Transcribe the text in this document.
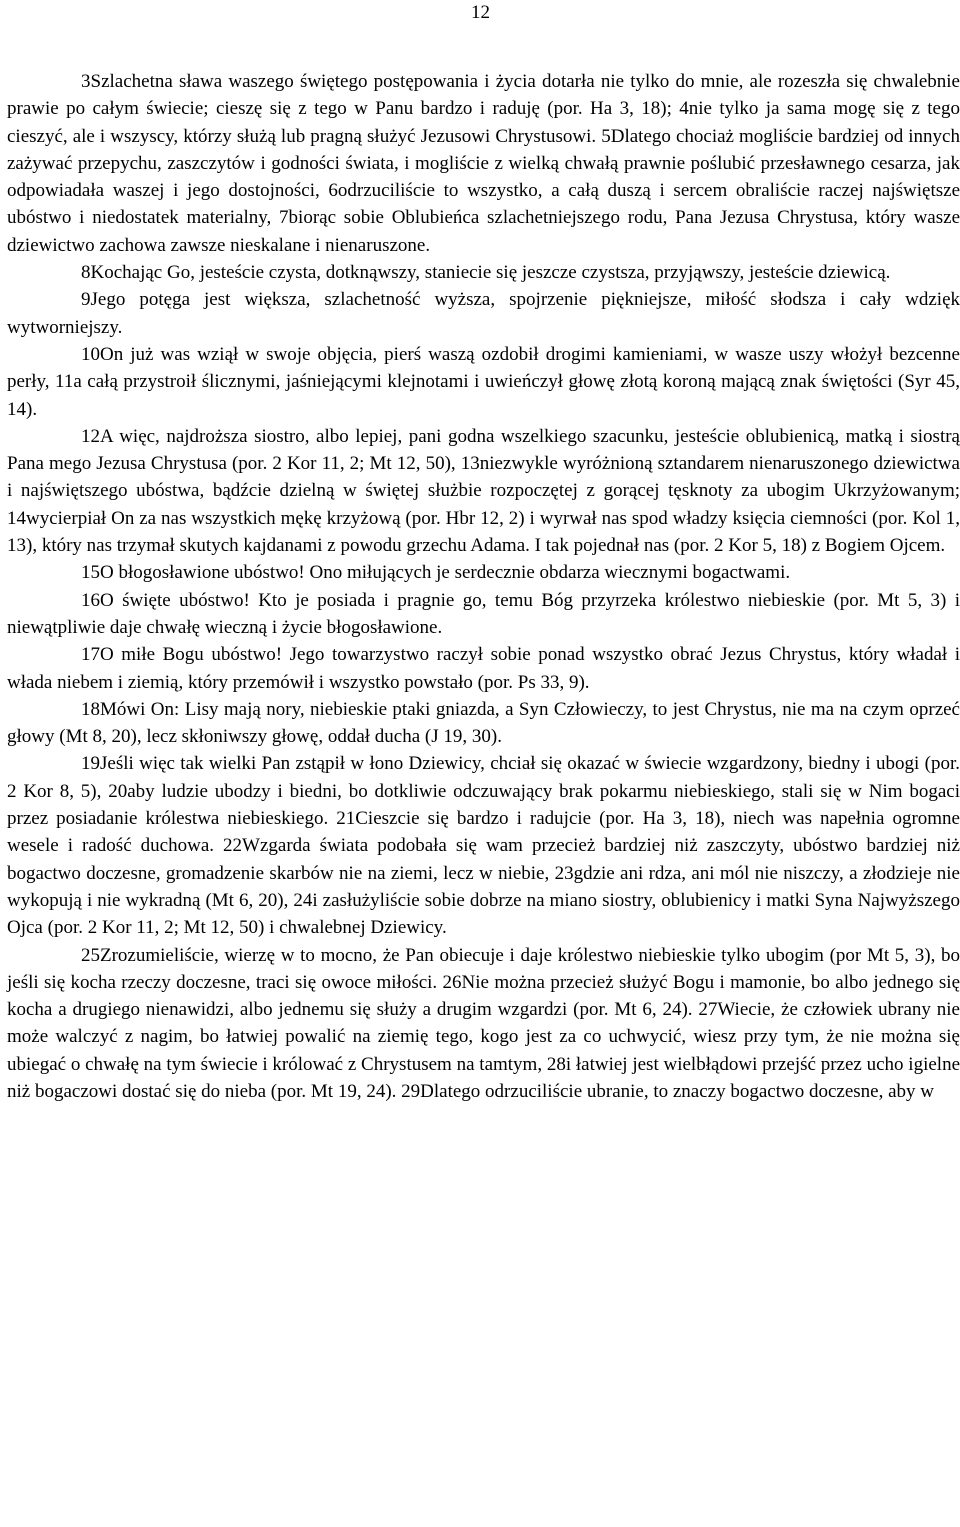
12

3Szlachetna sława waszego świętego postępowania i życia dotarła nie tylko do mnie, ale rozeszła się chwalebnie prawie po całym świecie; cieszę się z tego w Panu bardzo i raduję (por. Ha 3, 18); 4nie tylko ja sama mogę się z tego cieszyć, ale i wszyscy, którzy służą lub pragną służyć Jezusowi Chrystusowi. 5Dlatego chociaż mogliście bardziej od innych zażywać przepychu, zaszczytów i godności świata, i mogliście z wielką chwałą prawnie poślubić przesławnego cesarza, jak odpowiadała waszej i jego dostojności, 6odrzuciliście to wszystko, a całą duszą i sercem obraliście raczej najświętsze ubóstwo i niedostatek materialny, 7biorąc sobie Oblubieńca szlachetniejszego rodu, Pana Jezusa Chrystusa, który wasze dziewictwo zachowa zawsze nieskalane i nienaruszone.

8Kochając Go, jesteście czysta, dotknąwszy, staniecie się jeszcze czystsza, przyjąwszy, jesteście dziewicą.

9Jego potęga jest większa, szlachetność wyższa, spojrzenie piękniejsze, miłość słodsza i cały wdzięk wytworniejszy.

10On już was wziął w swoje objęcia, pierś waszą ozdobił drogimi kamieniami, w wasze uszy włożył bezcenne perły, 11a całą przystroił ślicznymi, jaśniejącymi klejnotami i uwieńczył głowę złotą koroną mającą znak świętości (Syr 45, 14).

12A więc, najdroższa siostro, albo lepiej, pani godna wszelkiego szacunku, jesteście oblubienicą, matką i siostrą Pana mego Jezusa Chrystusa (por. 2 Kor 11, 2; Mt 12, 50), 13niezwykle wyróżnioną sztandarem nienaruszonego dziewictwa i najświętszego ubóstwa, bądźcie dzielną w świętej służbie rozpoczętej z gorącej tęsknoty za ubogim Ukrzyżowanym; 14wycierpiał On za nas wszystkich mękę krzyżową (por. Hbr 12, 2) i wyrwał nas spod władzy księcia ciemności (por. Kol 1, 13), który nas trzymał skutych kajdanami z powodu grzechu Adama. I tak pojednał nas (por. 2 Kor 5, 18) z Bogiem Ojcem.

15O błogosławione ubóstwo! Ono miłujących je serdecznie obdarza wiecznymi bogactwami.

16O święte ubóstwo! Kto je posiada i pragnie go, temu Bóg przyrzeka królestwo niebieskie (por. Mt 5, 3) i niewątpliwie daje chwałę wieczną i życie błogosławione.

17O miłe Bogu ubóstwo! Jego towarzystwo raczył sobie ponad wszystko obrać Jezus Chrystus, który władał i włada niebem i ziemią, który przemówił i wszystko powstało (por. Ps 33, 9).

18Mówi On: Lisy mają nory, niebieskie ptaki gniazda, a Syn Człowieczy, to jest Chrystus, nie ma na czym oprzeć głowy (Mt 8, 20), lecz skłoniwszy głowę, oddał ducha (J 19, 30).

19Jeśli więc tak wielki Pan zstąpił w łono Dziewicy, chciał się okazać w świecie wzgardzony, biedny i ubogi (por. 2 Kor 8, 5), 20aby ludzie ubodzy i biedni, bo dotkliwie odczuwający brak pokarmu niebieskiego, stali się w Nim bogaci przez posiadanie królestwa niebieskiego. 21Cieszcie się bardzo i radujcie (por. Ha 3, 18), niech was napełnia ogromne wesele i radość duchowa. 22Wzgarda świata podobała się wam przecież bardziej niż zaszczyty, ubóstwo bardziej niż bogactwo doczesne, gromadzenie skarbów nie na ziemi, lecz w niebie, 23gdzie ani rdza, ani mól nie niszczy, a złodzieje nie wykopują i nie wykradną (Mt 6, 20), 24i zasłużyliście sobie dobrze na miano siostry, oblubienicy i matki Syna Najwyższego Ojca (por. 2 Kor 11, 2; Mt 12, 50) i chwalebnej Dziewicy.

25Zrozumieliście, wierzę w to mocno, że Pan obiecuje i daje królestwo niebieskie tylko ubogim (por Mt 5, 3), bo jeśli się kocha rzeczy doczesne, traci się owoce miłości. 26Nie można przecież służyć Bogu i mamonie, bo albo jednego się kocha a drugiego nienawidzi, albo jednemu się służy a drugim wzgardzi (por. Mt 6, 24). 27Wiecie, że człowiek ubrany nie może walczyć z nagim, bo łatwiej powalić na ziemię tego, kogo jest za co uchwycić, wiesz przy tym, że nie można się ubiegać o chwałę na tym świecie i królować z Chrystusem na tamtym, 28i łatwiej jest wielbłądowi przejść przez ucho igielne niż bogaczowi dostać się do nieba (por. Mt 19, 24). 29Dlatego odrzuciliście ubranie, to znaczy bogactwo doczesne, aby w
